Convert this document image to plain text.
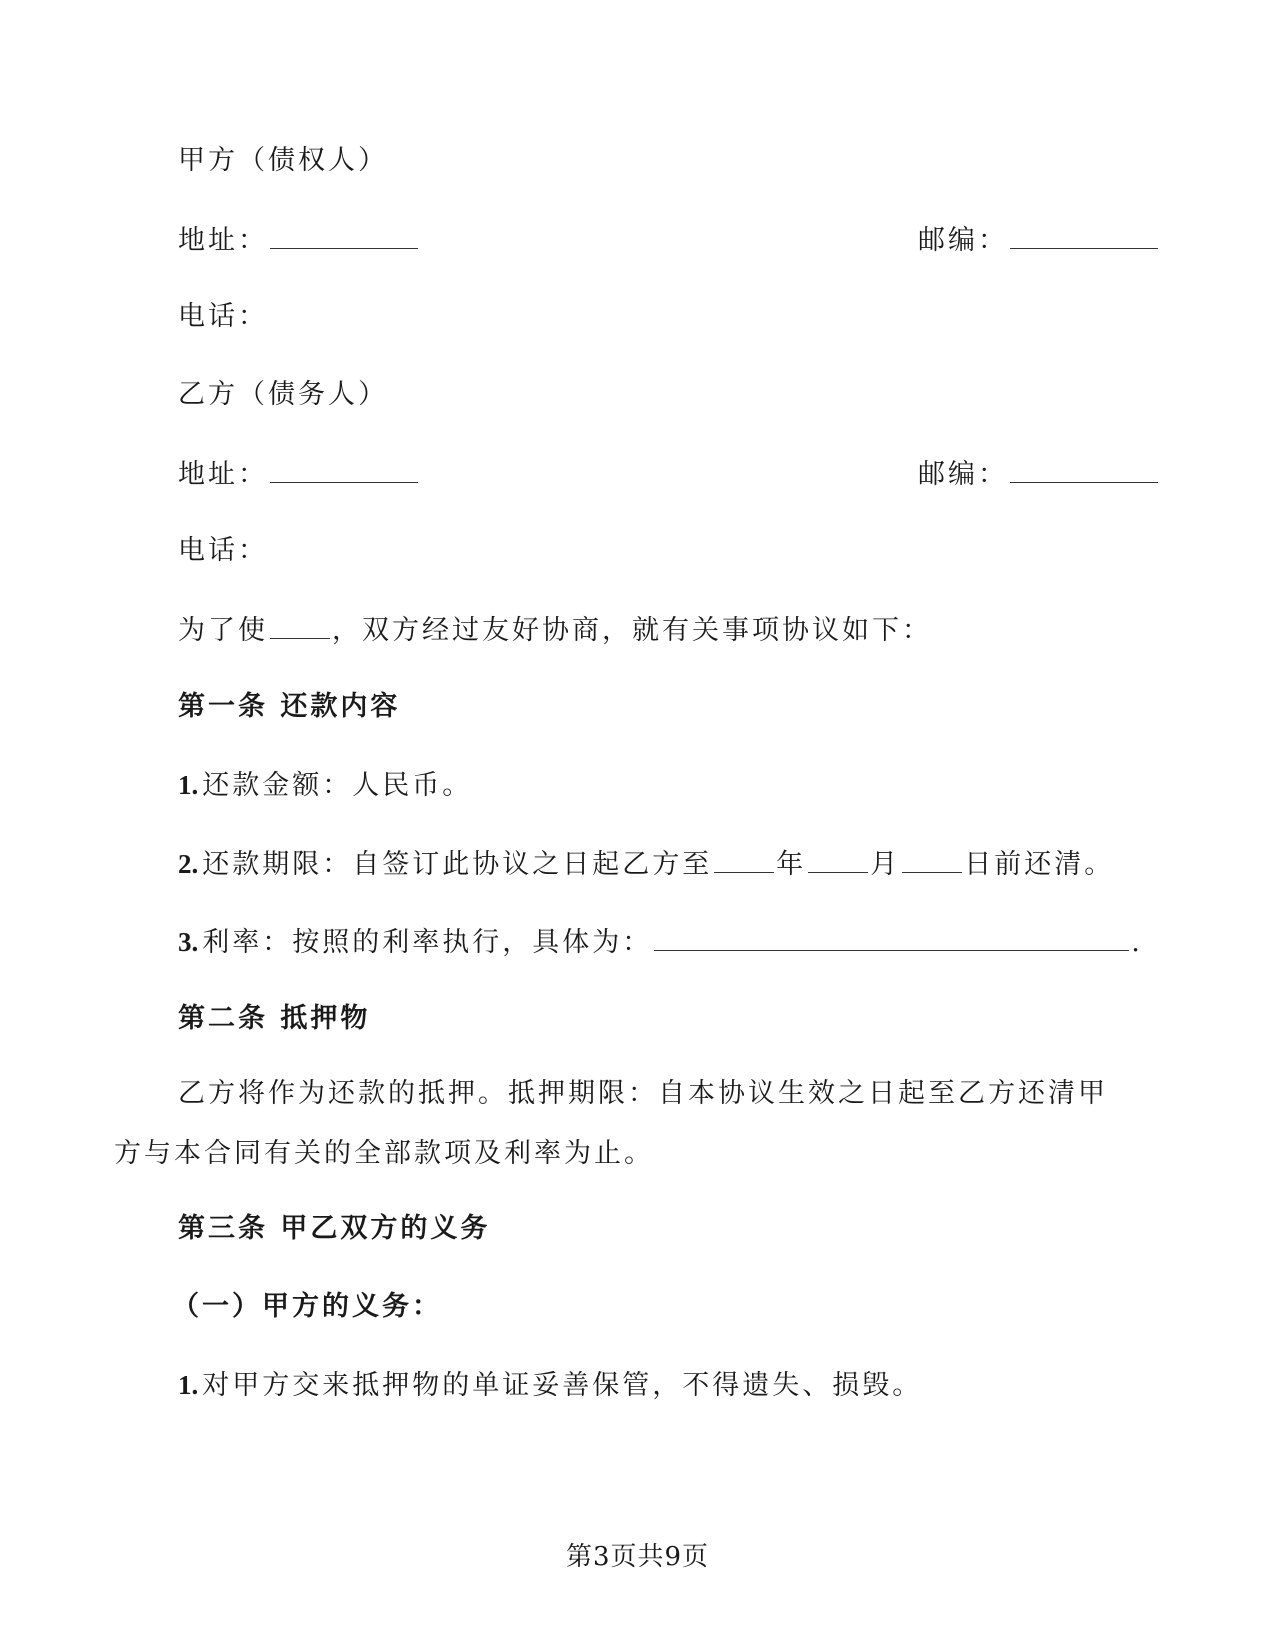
甲方（债权人）
地址：	邮编：
电话：
乙方（债务人）
地址：	邮编：
电话：
为了使 ，双方经过友好协商，就有关事项协议如下：
第一条 还款内容
1. 还款金额：人民币。
2. 还款期限：自签订此协议之日起乙方至 年 月 日前还清。
3. 利率：按照的利率执行，具体为：	.
第二条 抵押物
乙方将作为还款的抵押。抵押期限：自本协议生效之日起至乙方还清甲方与本合同有关的全部款项及利率为止。
第三条 甲乙双方的义务
（一）甲方的义务：
1. 对甲方交来抵押物的单证妥善保管，不得遗失、损毁。
第3页共9页
